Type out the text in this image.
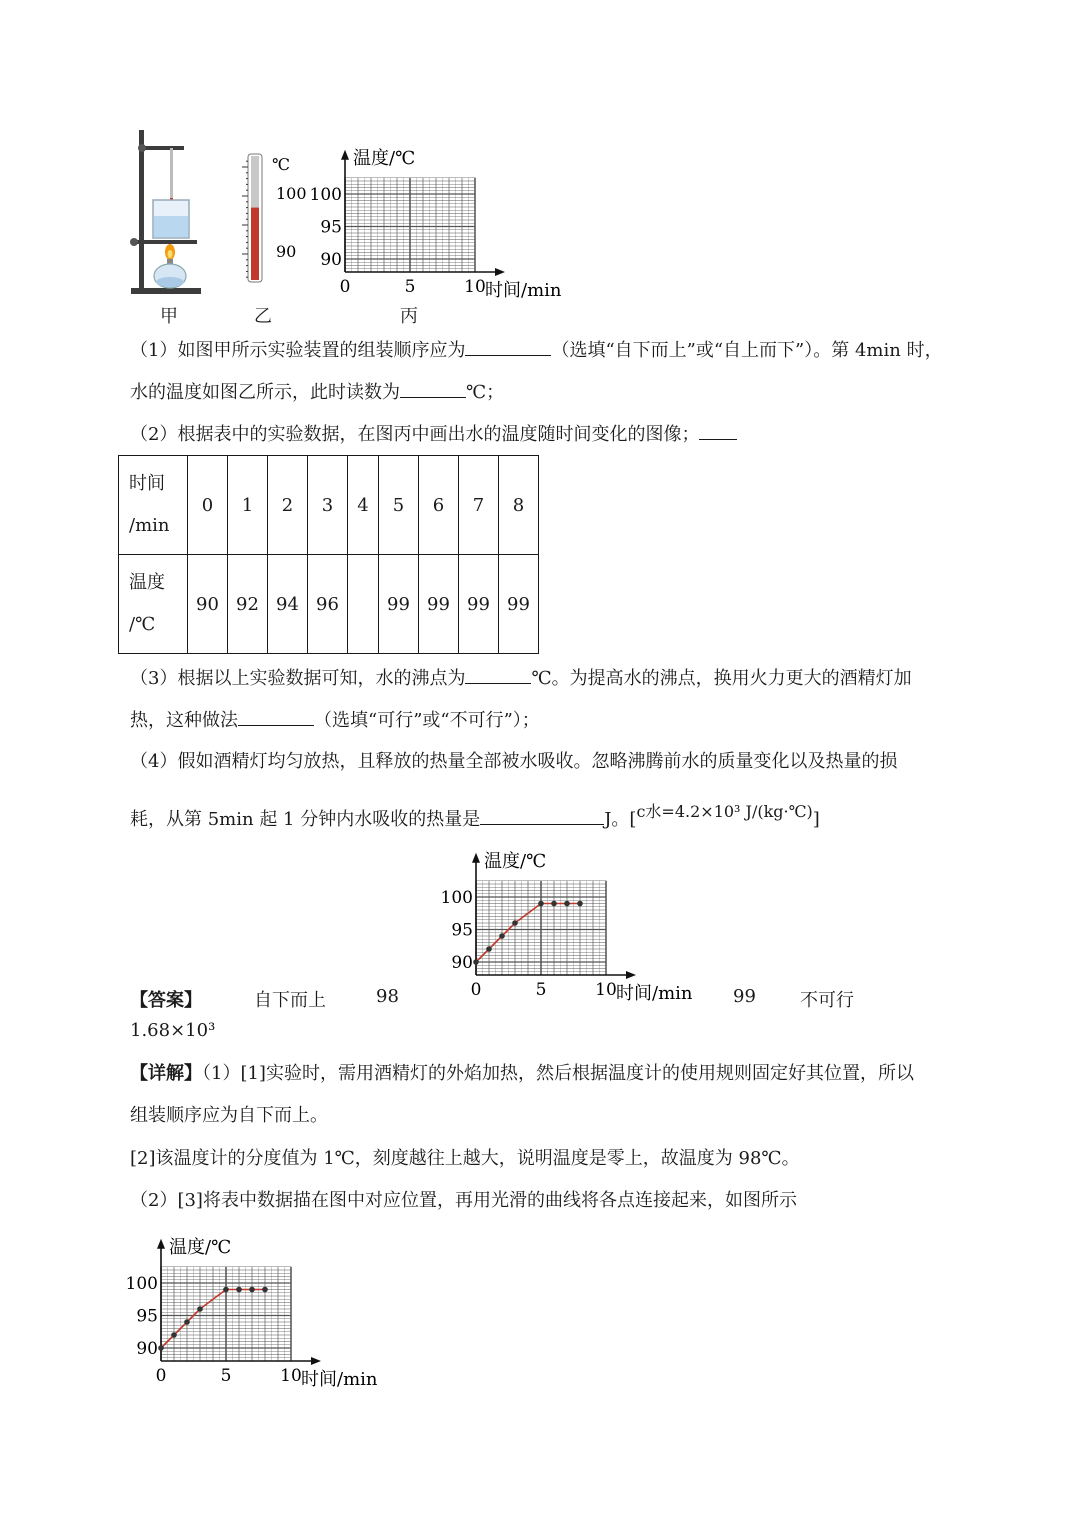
甲
℃
100
90
乙
90
95
100
0	5	10 时间/min
温度/℃
丙
（1）如图甲所示实验装置的组装顺序应为	（选填“自下而上”或“自上而下”）。第 4min 时，
水的温度如图乙所示，此时读数为	℃；
（2）根据表中的实验数据，在图丙中画出水的温度随时间变化的图像；
时间
/min	0	1	2	3	4	5	6	7	8

温度
/℃	90	92	94	96		99	99	99	99
（3）根据以上实验数据可知，水的沸点为	℃。为提高水的沸点，换用火力更大的酒精灯加
热，这种做法	（选填“可行”或“不可行”）；
（4）假如酒精灯均匀放热，且释放的热量全部被水吸收。忽略沸腾前水的质量变化以及热量的损
耗，从第 5min 起 1 分钟内水吸收的热量是	J。[c水=4.2×10³ J/(kg·℃)]
90
95
100
0	5	10 时间/min
温度/℃
【答案】	自下而上	98	99 不可行
1.68×10³
【详解】（1）[1]实验时，需用酒精灯的外焰加热，然后根据温度计的使用规则固定好其位置，所以
组装顺序应为自下而上。
[2]该温度计的分度值为 1℃，刻度越往上越大，说明温度是零上，故温度为 98℃。
（2）[3]将表中数据描在图中对应位置，再用光滑的曲线将各点连接起来，如图所示
90
95
100
0	5	10 时间/min
温度/℃
